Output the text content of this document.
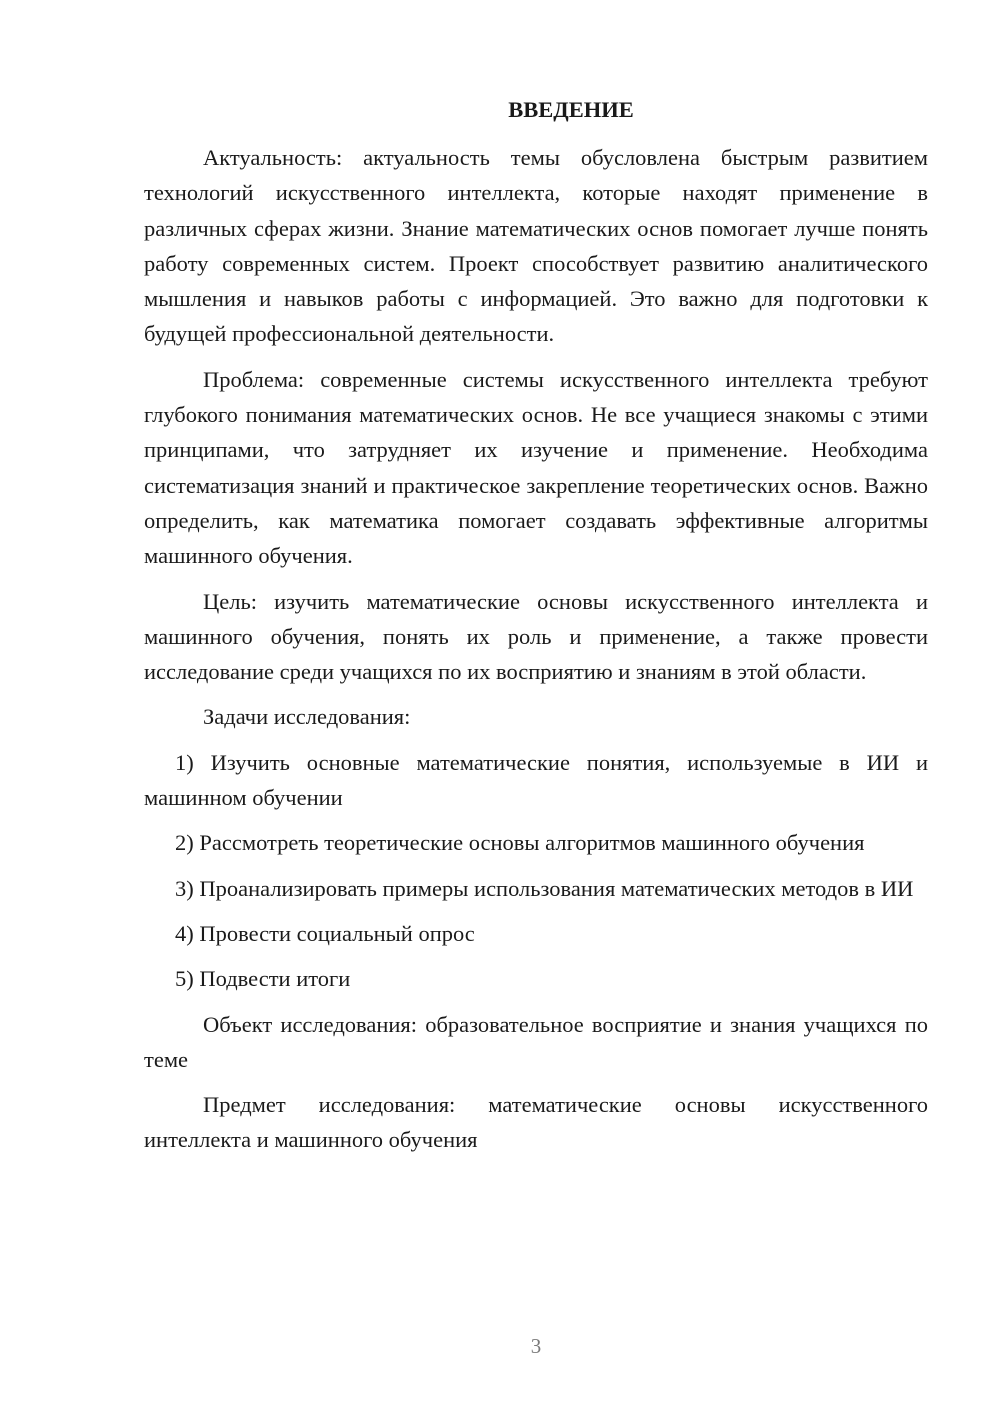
ВВЕДЕНИЕ

Актуальность: актуальность темы обусловлена быстрым развитием технологий искусственного интеллекта, которые находят применение в различных сферах жизни. Знание математических основ помогает лучше понять работу современных систем. Проект способствует развитию аналитического мышления и навыков работы с информацией. Это важно для подготовки к будущей профессиональной деятельности.

Проблема: современные системы искусственного интеллекта требуют глубокого понимания математических основ. Не все учащиеся знакомы с этими принципами, что затрудняет их изучение и применение. Необходима систематизация знаний и практическое закрепление теоретических основ. Важно определить, как математика помогает создавать эффективные алгоритмы машинного обучения.

Цель: изучить математические основы искусственного интеллекта и машинного обучения, понять их роль и применение, а также провести исследование среди учащихся по их восприятию и знаниям в этой области.

Задачи исследования:

1) Изучить основные математические понятия, используемые в ИИ и машинном обучении

2) Рассмотреть теоретические основы алгоритмов машинного обучения

3) Проанализировать примеры использования математических методов в ИИ

4) Провести социальный опрос

5) Подвести итоги

Объект исследования: образовательное восприятие и знания учащихся по теме

Предмет исследования: математические основы искусственного интеллекта и машинного обучения

3
